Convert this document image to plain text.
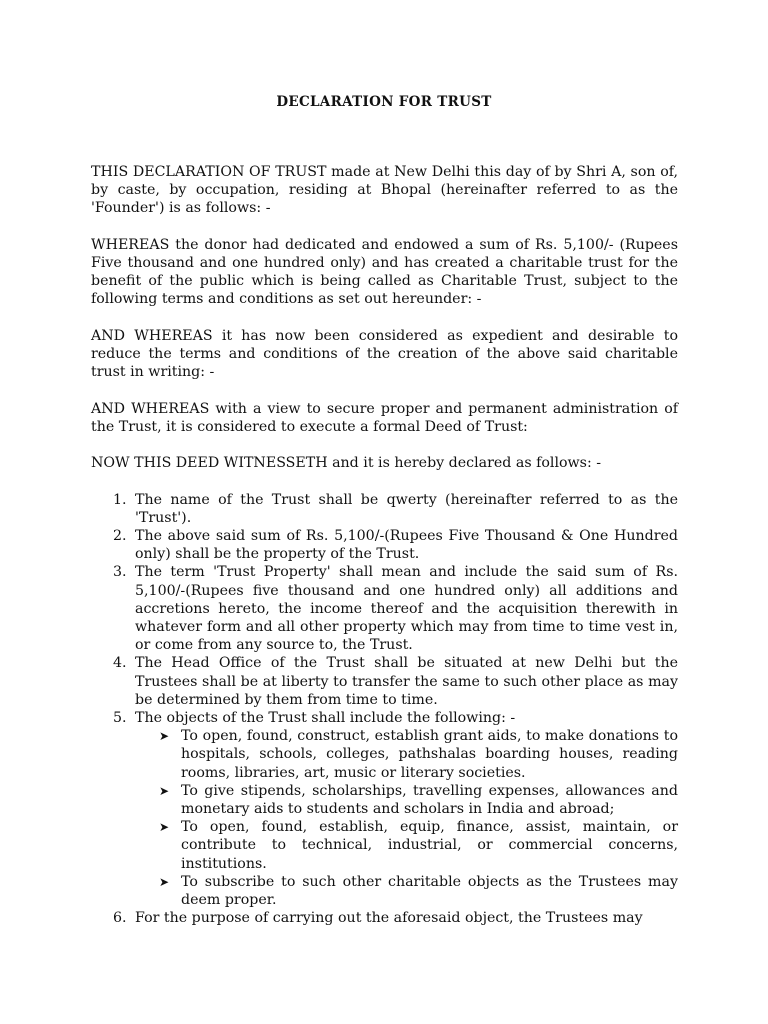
DECLARATION FOR TRUST

THIS DECLARATION OF TRUST made at New Delhi this day of by Shri A, son of, by caste, by occupation, residing at Bhopal (hereinafter referred to as the 'Founder') is as follows: -

WHEREAS the donor had dedicated and endowed a sum of Rs. 5,100/- (Rupees Five thousand and one hundred only) and has created a charitable trust for the benefit of the public which is being called as Charitable Trust, subject to the following terms and conditions as set out hereunder: -

AND WHEREAS it has now been considered as expedient and desirable to reduce the terms and conditions of the creation of the above said charitable trust in writing: -

AND WHEREAS with a view to secure proper and permanent administration of the Trust, it is considered to execute a formal Deed of Trust:

NOW THIS DEED WITNESSETH and it is hereby declared as follows: -

1. The name of the Trust shall be qwerty (hereinafter referred to as the 'Trust').
2. The above said sum of Rs. 5,100/-(Rupees Five Thousand & One Hundred only) shall be the property of the Trust.
3. The term 'Trust Property' shall mean and include the said sum of Rs. 5,100/-(Rupees five thousand and one hundred only) all additions and accretions hereto, the income thereof and the acquisition therewith in whatever form and all other property which may from time to time vest in, or come from any source to, the Trust.
4. The Head Office of the Trust shall be situated at new Delhi but the Trustees shall be at liberty to transfer the same to such other place as may be determined by them from time to time.
5. The objects of the Trust shall include the following: -
➤ To open, found, construct, establish grant aids, to make donations to hospitals, schools, colleges, pathshalas boarding houses, reading rooms, libraries, art, music or literary societies.
➤ To give stipends, scholarships, travelling expenses, allowances and monetary aids to students and scholars in India and abroad;
➤ To open, found, establish, equip, finance, assist, maintain, or contribute to technical, industrial, or commercial concerns, institutions.
➤ To subscribe to such other charitable objects as the Trustees may deem proper.
6. For the purpose of carrying out the aforesaid object, the Trustees may
